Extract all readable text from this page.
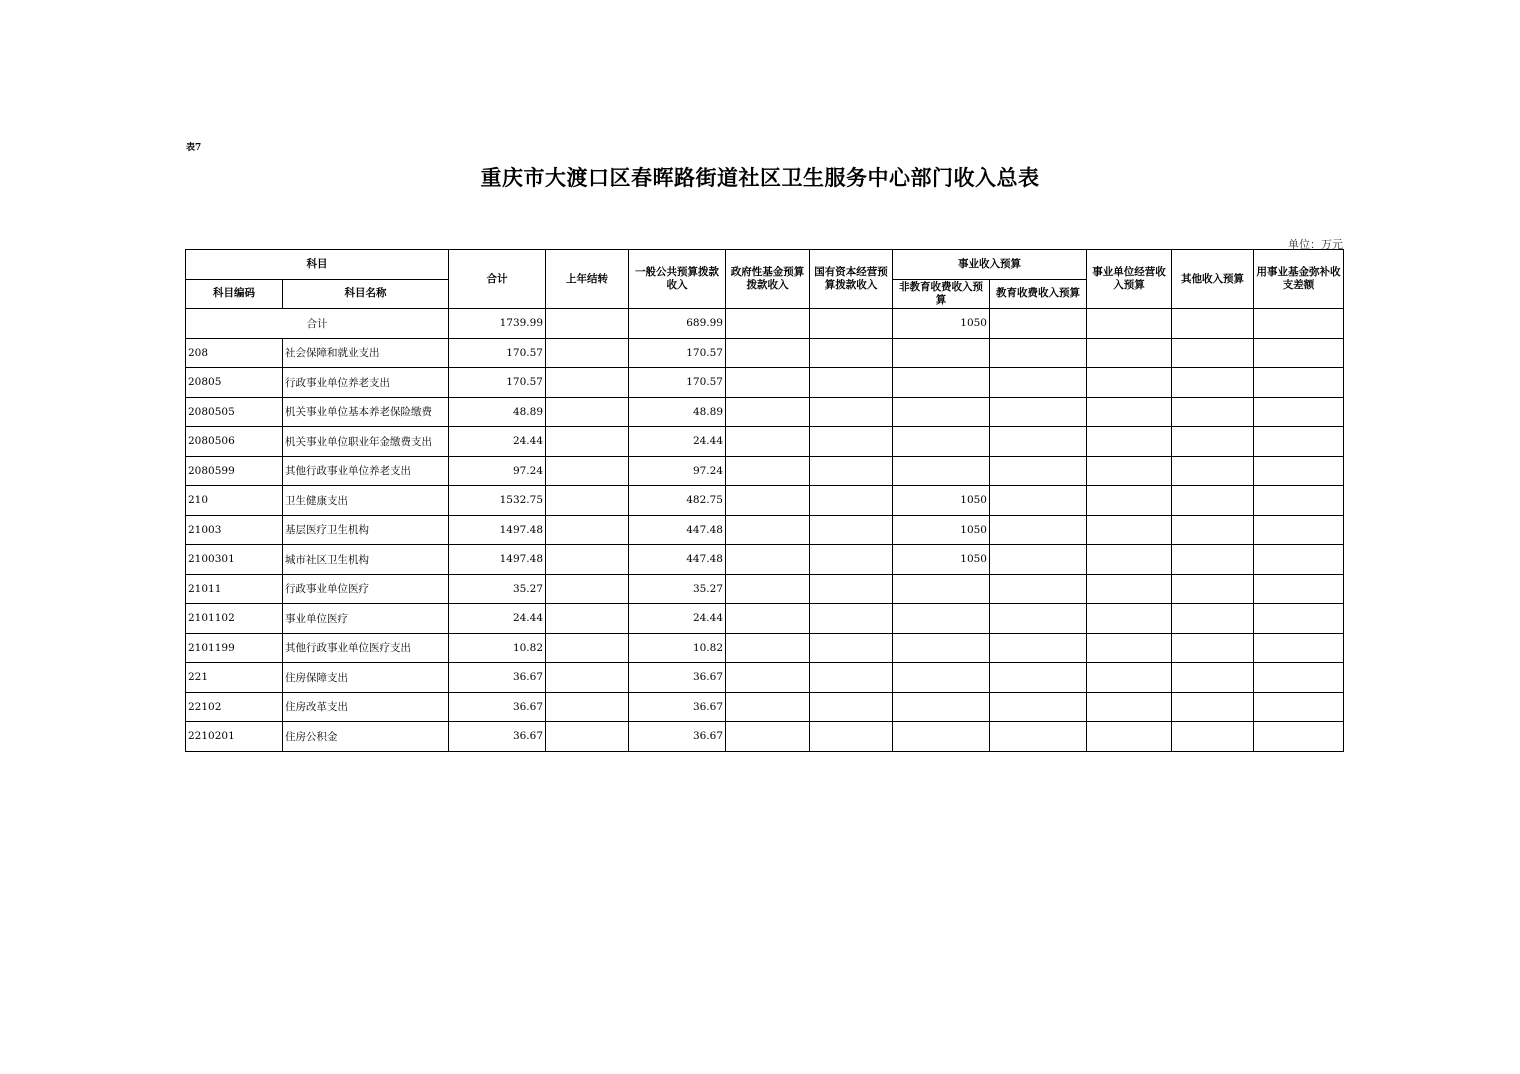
表7
重庆市大渡口区春晖路街道社区卫生服务中心部门收入总表
单位：万元
科目		合计	上年结转	一般公共预算拨款收入	政府性基金预算拨款收入	国有资本经营预算拨款收入	事业收入预算		事业单位经营收入预算	其他收入预算	用事业基金弥补收支差额
科目编码	科目名称						非教育收费收入预算	教育收费收入预算			
合计		1739.99		689.99			1050				
208	社会保障和就业支出	170.57		170.57							
20805	行政事业单位养老支出	170.57		170.57							
2080505	机关事业单位基本养老保险缴费	48.89		48.89							
2080506	机关事业单位职业年金缴费支出	24.44		24.44							
2080599	其他行政事业单位养老支出	97.24		97.24							
210	卫生健康支出	1532.75		482.75			1050				
21003	基层医疗卫生机构	1497.48		447.48			1050				
2100301	城市社区卫生机构	1497.48		447.48			1050				
21011	行政事业单位医疗	35.27		35.27							
2101102	事业单位医疗	24.44		24.44							
2101199	其他行政事业单位医疗支出	10.82		10.82							
221	住房保障支出	36.67		36.67							
22102	住房改革支出	36.67		36.67							
2210201	住房公积金	36.67		36.67							
